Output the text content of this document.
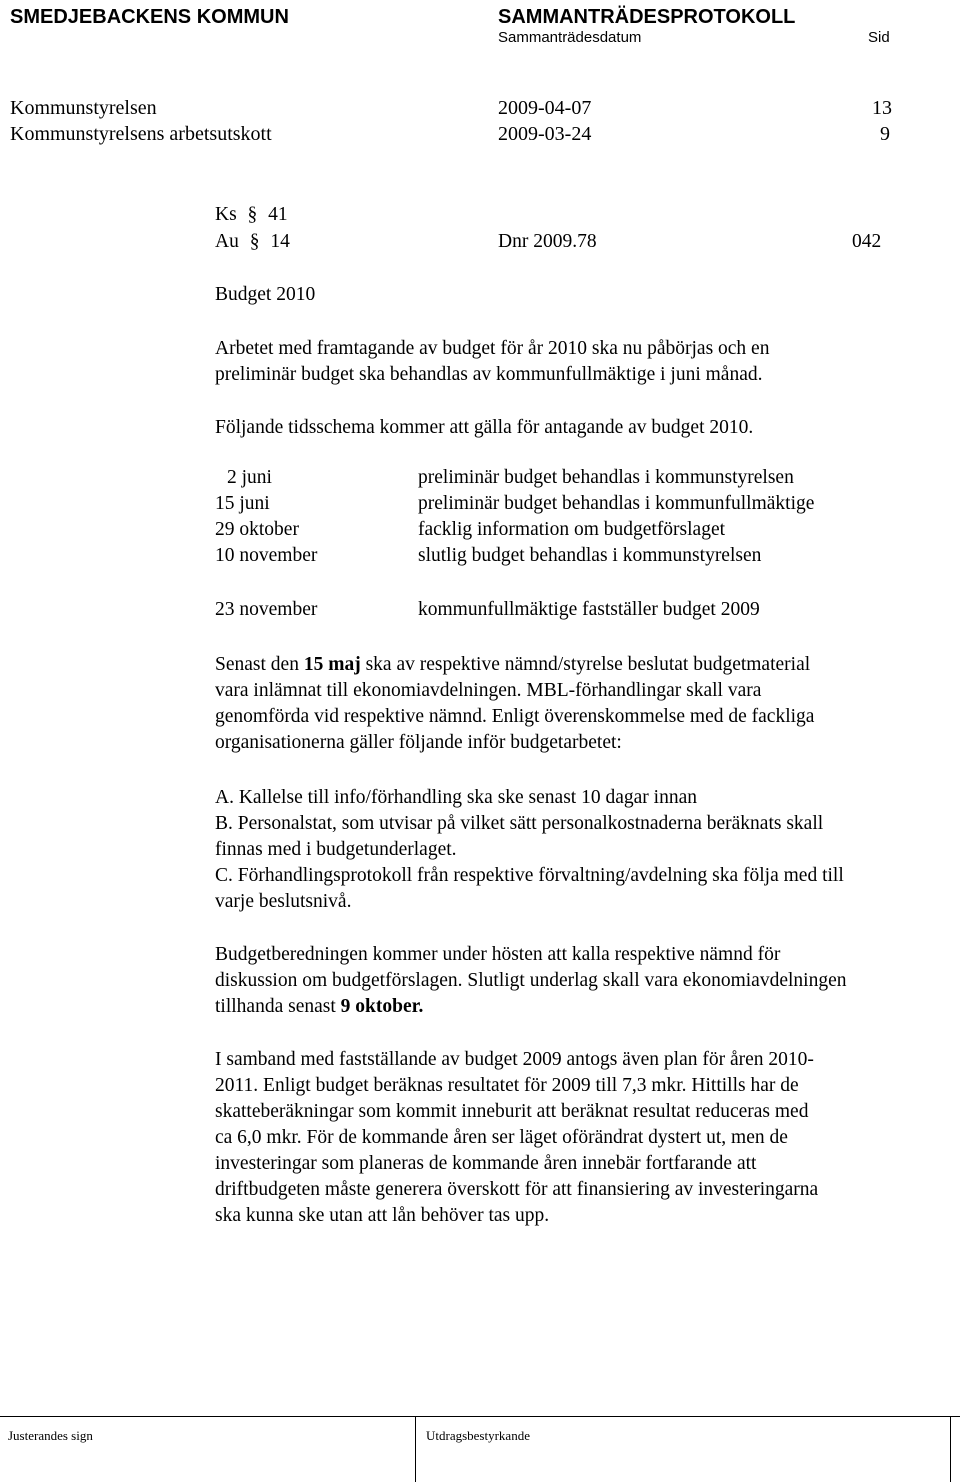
SMEDJEBACKENS KOMMUN	SAMMANTRÄDESPROTOKOLL
Sammanträdesdatum	Sid
Kommunstyrelsen	2009-04-07	13
Kommunstyrelsens arbetsutskott	2009-03-24	9
Ks § 41
Au § 14	Dnr 2009.78	042
Budget 2010

Arbetet med framtagande av budget för år 2010 ska nu påbörjas och en

preliminär budget ska behandlas av kommunfullmäktige i juni månad.

Följande tidsschema kommer att gälla för antagande av budget 2010.

2 juni	preliminär budget behandlas i kommunstyrelsen
15 juni	preliminär budget behandlas i kommunfullmäktige
29 oktober	facklig information om budgetförslaget
10 november	slutlig budget behandlas i kommunstyrelsen
23 november	kommunfullmäktige fastställer budget 2009

Senast den 15 maj ska av respektive nämnd/styrelse beslutat budgetmaterial

vara inlämnat till ekonomiavdelningen. MBL-förhandlingar skall vara

genomförda vid respektive nämnd. Enligt överenskommelse med de fackliga

organisationerna gäller följande inför budgetarbetet:

A. Kallelse till info/förhandling ska ske senast 10 dagar innan

B. Personalstat, som utvisar på vilket sätt personalkostnaderna beräknats skall

finnas med i budgetunderlaget.

C. Förhandlingsprotokoll från respektive förvaltning/avdelning ska följa med till

varje beslutsnivå.

Budgetberedningen kommer under hösten att kalla respektive nämnd för

diskussion om budgetförslagen. Slutligt underlag skall vara ekonomiavdelningen

tillhanda senast 9 oktober.

I samband med fastställande av budget 2009 antogs även plan för åren 2010-

2011. Enligt budget beräknas resultatet för 2009 till 7,3 mkr. Hittills har de

skatteberäkningar som kommit inneburit att beräknat resultat reduceras med

ca 6,0 mkr. För de kommande åren ser läget oförändrat dystert ut, men de

investeringar som planeras de kommande åren innebär fortfarande att

driftbudgeten måste generera överskott för att finansiering av investeringarna

ska kunna ske utan att lån behöver tas upp.

Justerandes sign	Utdragsbestyrkande
